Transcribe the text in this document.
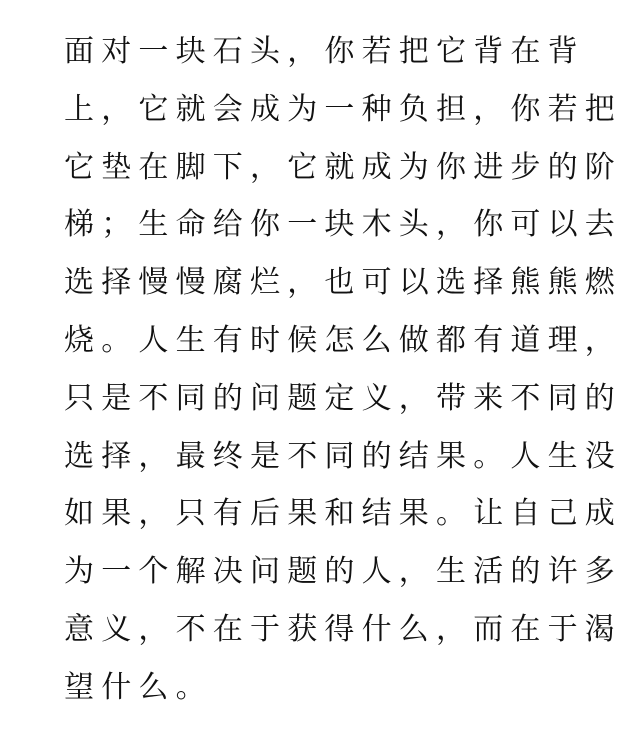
面对一块石头，你若把它背在背
上，它就会成为一种负担，你若把
它垫在脚下，它就成为你进步的阶
梯；生命给你一块木头，你可以去
选择慢慢腐烂，也可以选择熊熊燃
烧。人生有时候怎么做都有道理，
只是不同的问题定义，带来不同的
选择，最终是不同的结果。人生没
如果，只有后果和结果。让自己成
为一个解决问题的人，生活的许多
意义，不在于获得什么，而在于渴
望什么。
